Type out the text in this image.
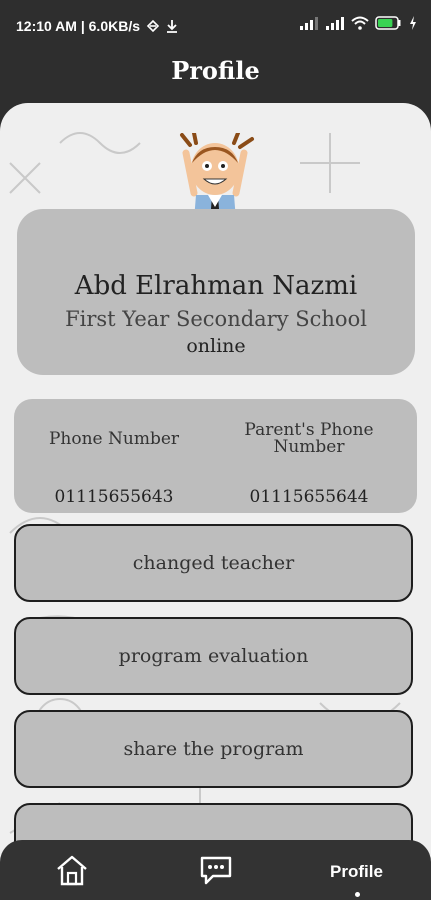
12:10 AM | 6.0KB/s
Profile
Abd Elrahman Nazmi
First Year Secondary School
online
Phone Number
01115655643
Parent's Phone Number
01115655644
changed teacher
program evaluation
share the program
Profile
